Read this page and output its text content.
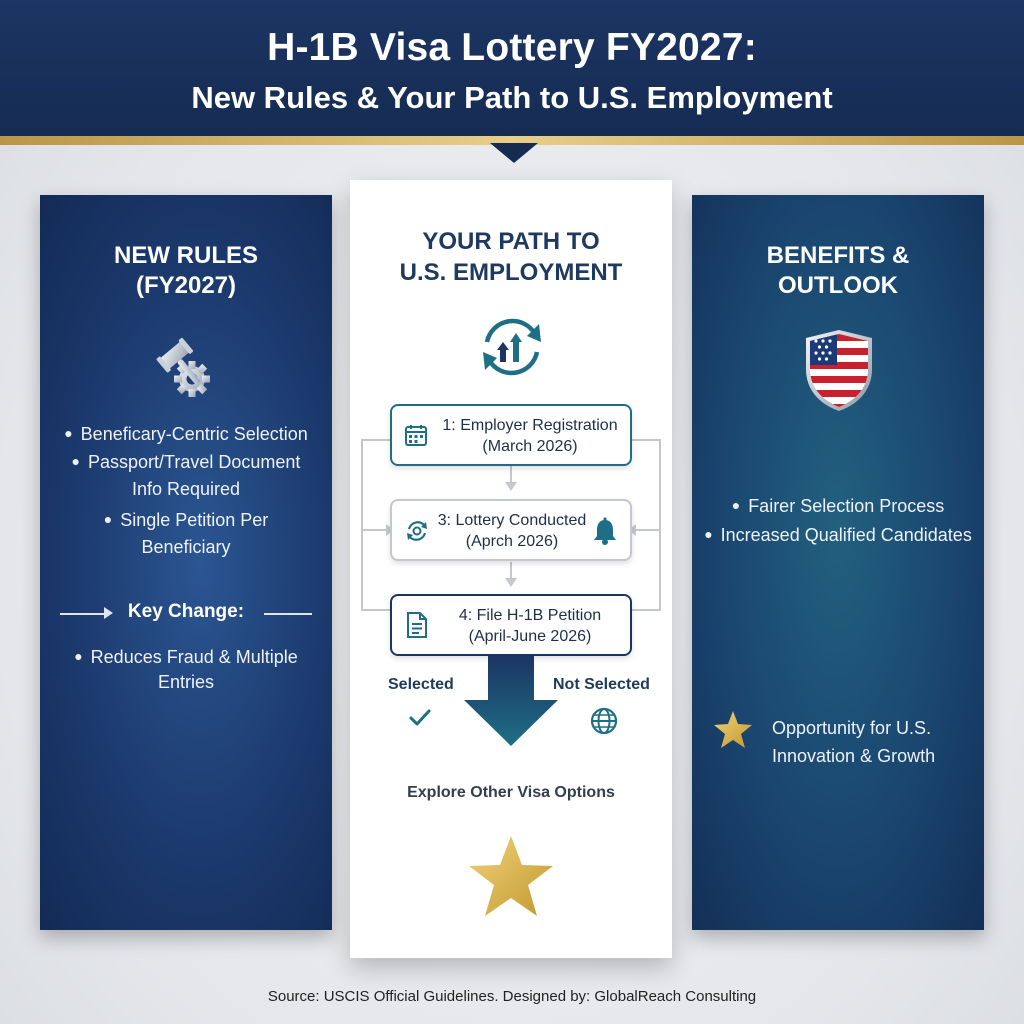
H-1B Visa Lottery FY2027:
New Rules & Your Path to U.S. Employment
NEW RULES
(FY2027)
● Beneficary-Centric Selection
● Passport/Travel Document
Info Required
● Single Petition Per
Beneficiary
Key Change:
● Reduces Fraud & Multiple
Entries
YOUR PATH TO
U.S. EMPLOYMENT
1: Employer Registration
(March 2026)
3: Lottery Conducted
(Aprch 2026)
4: File H-1B Petition
(April-June 2026)
Selected	Not Selected
Explore Other Visa Options
BENEFITS &
OUTLOOK
● Fairer Selection Process
● Increased Qualified Candidates
Opportunity for U.S.
Innovation & Growth
Source: USCIS Official Guidelines. Designed by: GlobalReach Consulting
